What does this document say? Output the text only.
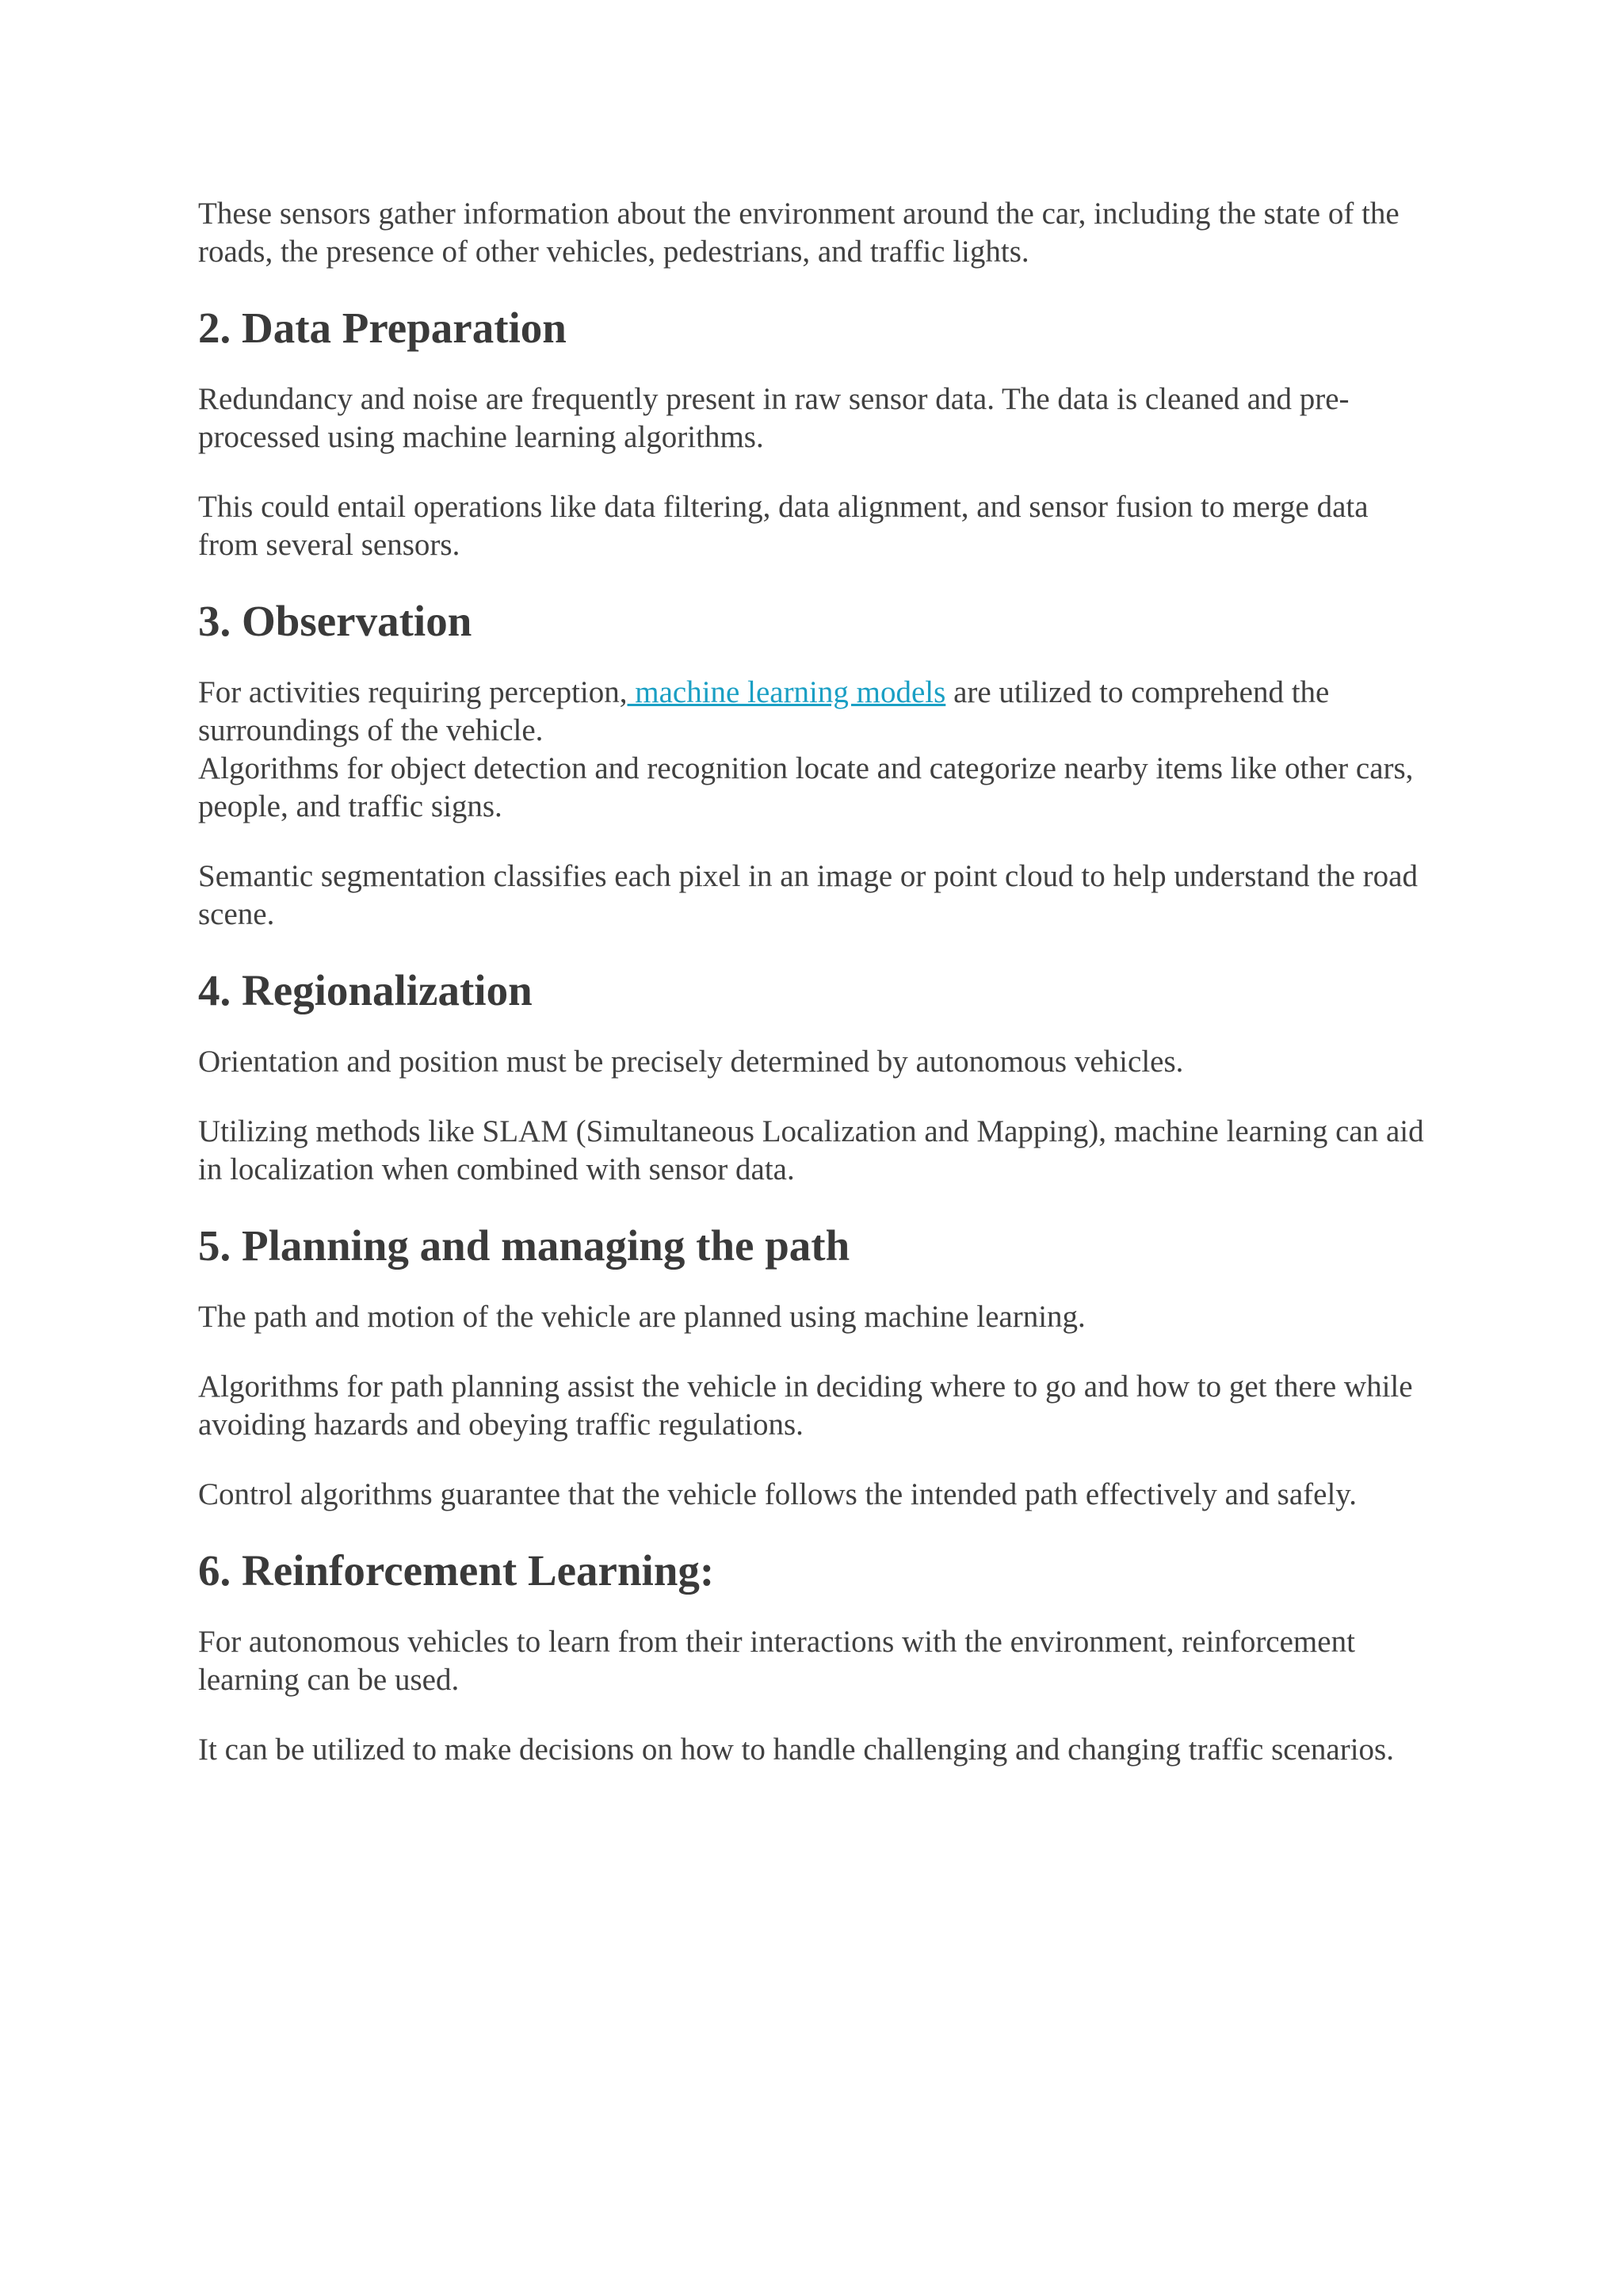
These sensors gather information about the environment around the car, including the state of the roads, the presence of other vehicles, pedestrians, and traffic lights.

2. Data Preparation

Redundancy and noise are frequently present in raw sensor data. The data is cleaned and pre-processed using machine learning algorithms.

This could entail operations like data filtering, data alignment, and sensor fusion to merge data from several sensors.

3. Observation

For activities requiring perception, machine learning models are utilized to comprehend the surroundings of the vehicle.

Algorithms for object detection and recognition locate and categorize nearby items like other cars, people, and traffic signs.

Semantic segmentation classifies each pixel in an image or point cloud to help understand the road scene.

4. Regionalization

Orientation and position must be precisely determined by autonomous vehicles.

Utilizing methods like SLAM (Simultaneous Localization and Mapping), machine learning can aid in localization when combined with sensor data.

5. Planning and managing the path

The path and motion of the vehicle are planned using machine learning.

Algorithms for path planning assist the vehicle in deciding where to go and how to get there while avoiding hazards and obeying traffic regulations.

Control algorithms guarantee that the vehicle follows the intended path effectively and safely.

6. Reinforcement Learning:

For autonomous vehicles to learn from their interactions with the environment, reinforcement learning can be used.

It can be utilized to make decisions on how to handle challenging and changing traffic scenarios.
